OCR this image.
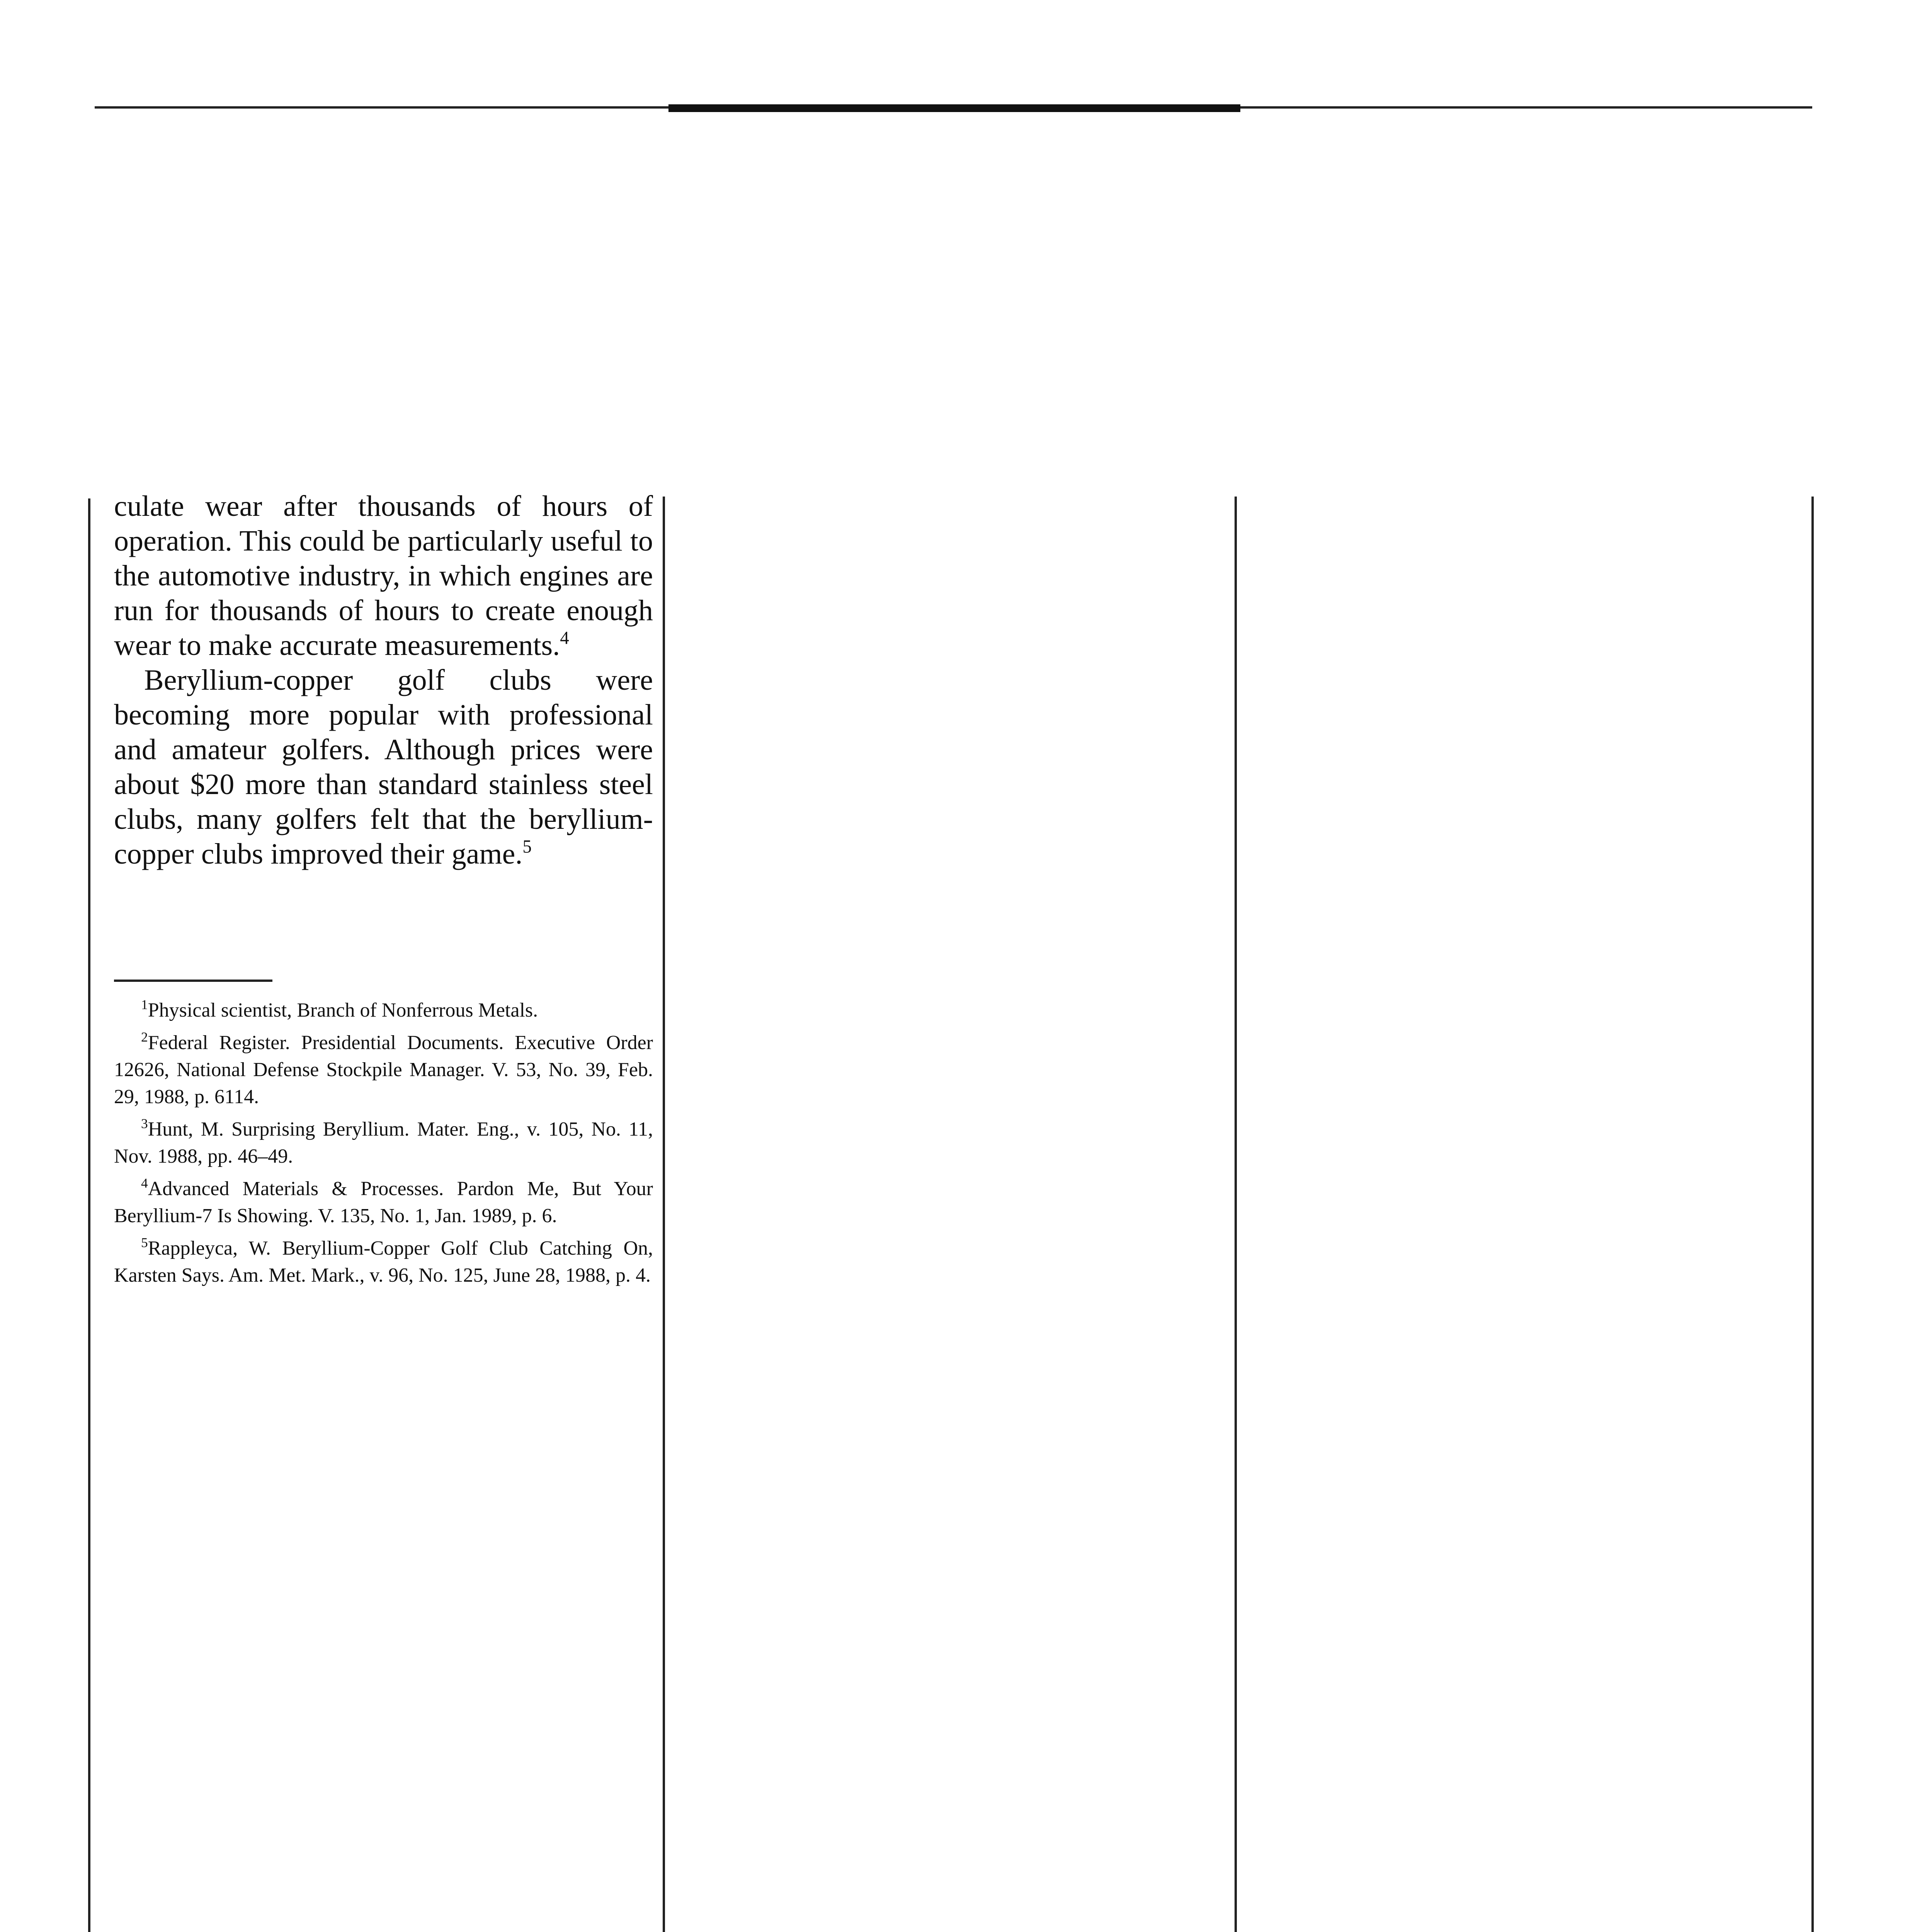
culate wear after thousands of hours of operation. This could be particularly useful to the automotive industry, in which engines are run for thousands of hours to create enough wear to make accurate measurements.$^4$

Beryllium-copper golf clubs were becoming more popular with professional and amateur golfers. Although prices were about $20 more than standard stainless steel clubs, many golfers felt that the beryllium-copper clubs improved their game.$^5$

$^1$Physical scientist, Branch of Nonferrous Metals.

$^2$Federal Register. Presidential Documents. Executive Order 12626, National Defense Stockpile Manager. V. 53, No. 39, Feb. 29, 1988, p. 6114.

$^3$Hunt, M. Surprising Beryllium. Mater. Eng., v. 105, No. 11, Nov. 1988, pp. 46–49.

$^4$Advanced Materials & Processes. Pardon Me, But Your Beryllium-7 Is Showing. V. 135, No. 1, Jan. 1989, p. 6.

$^5$Rappleyca, W. Beryllium-Copper Golf Club Catching On, Karsten Says. Am. Met. Mark., v. 96, No. 125, June 28, 1988, p. 4.
